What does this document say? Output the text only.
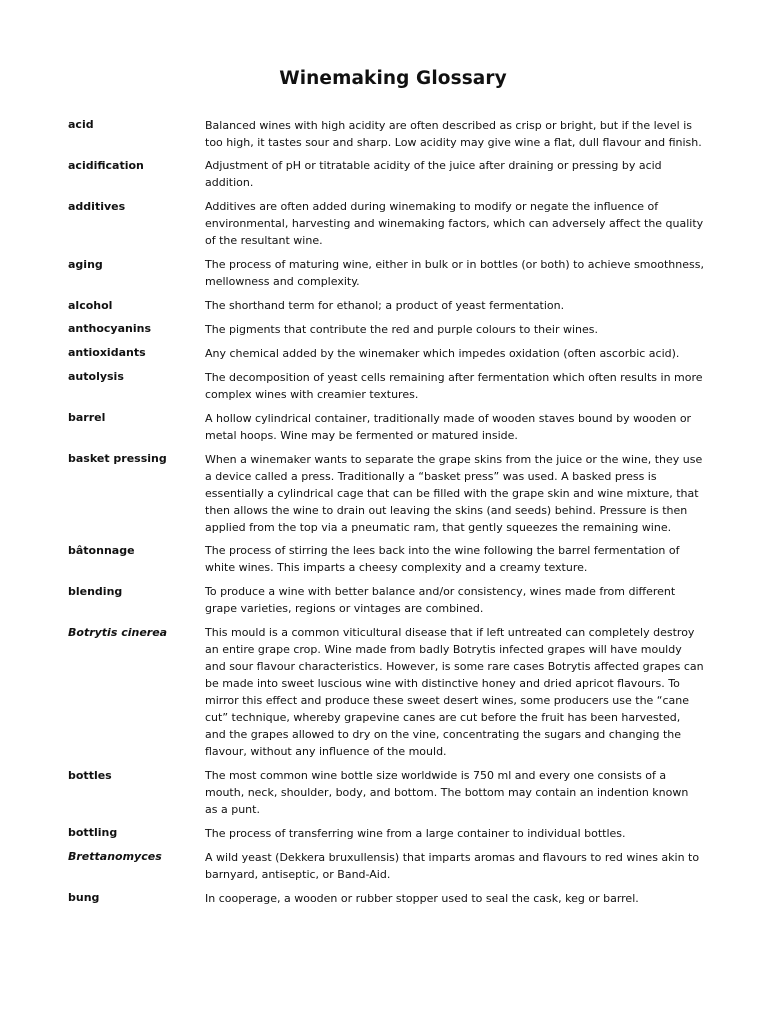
Winemaking Glossary
acid	Balanced wines with high acidity are often described as crisp or bright, but if the level is too high, it tastes sour and sharp. Low acidity may give wine a flat, dull flavour and finish.
acidification	Adjustment of pH or titratable acidity of the juice after draining or pressing by acid addition.
additives	Additives are often added during winemaking to modify or negate the influence of environmental, harvesting and winemaking factors, which can adversely affect the quality of the resultant wine.
aging	The process of maturing wine, either in bulk or in bottles (or both) to achieve smoothness, mellowness and complexity.
alcohol	The shorthand term for ethanol; a product of yeast fermentation.
anthocyanins	The pigments that contribute the red and purple colours to their wines.
antioxidants	Any chemical added by the winemaker which impedes oxidation (often ascorbic acid).
autolysis	The decomposition of yeast cells remaining after fermentation which often results in more complex wines with creamier textures.
barrel	A hollow cylindrical container, traditionally made of wooden staves bound by wooden or metal hoops. Wine may be fermented or matured inside.
basket pressing	When a winemaker wants to separate the grape skins from the juice or the wine, they use a device called a press. Traditionally a “basket press” was used. A basked press is essentially a cylindrical cage that can be filled with the grape skin and wine mixture, that then allows the wine to drain out leaving the skins (and seeds) behind. Pressure is then applied from the top via a pneumatic ram, that gently squeezes the remaining wine.
bâtonnage	The process of stirring the lees back into the wine following the barrel fermentation of white wines. This imparts a cheesy complexity and a creamy texture.
blending	To produce a wine with better balance and/or consistency, wines made from different grape varieties, regions or vintages are combined.
Botrytis cinerea	This mould is a common viticultural disease that if left untreated can completely destroy an entire grape crop. Wine made from badly Botrytis infected grapes will have mouldy and sour flavour characteristics. However, is some rare cases Botrytis affected grapes can be made into sweet luscious wine with distinctive honey and dried apricot flavours. To mirror this effect and produce these sweet desert wines, some producers use the “cane cut” technique, whereby grapevine canes are cut before the fruit has been harvested, and the grapes allowed to dry on the vine, concentrating the sugars and changing the flavour, without any influence of the mould.
bottles	The most common wine bottle size worldwide is 750 ml and every one consists of a mouth, neck, shoulder, body, and bottom. The bottom may contain an indention known as a punt.
bottling	The process of transferring wine from a large container to individual bottles.
Brettanomyces	A wild yeast (Dekkera bruxullensis) that imparts aromas and flavours to red wines akin to barnyard, antiseptic, or Band-Aid.
bung	In cooperage, a wooden or rubber stopper used to seal the cask, keg or barrel.
